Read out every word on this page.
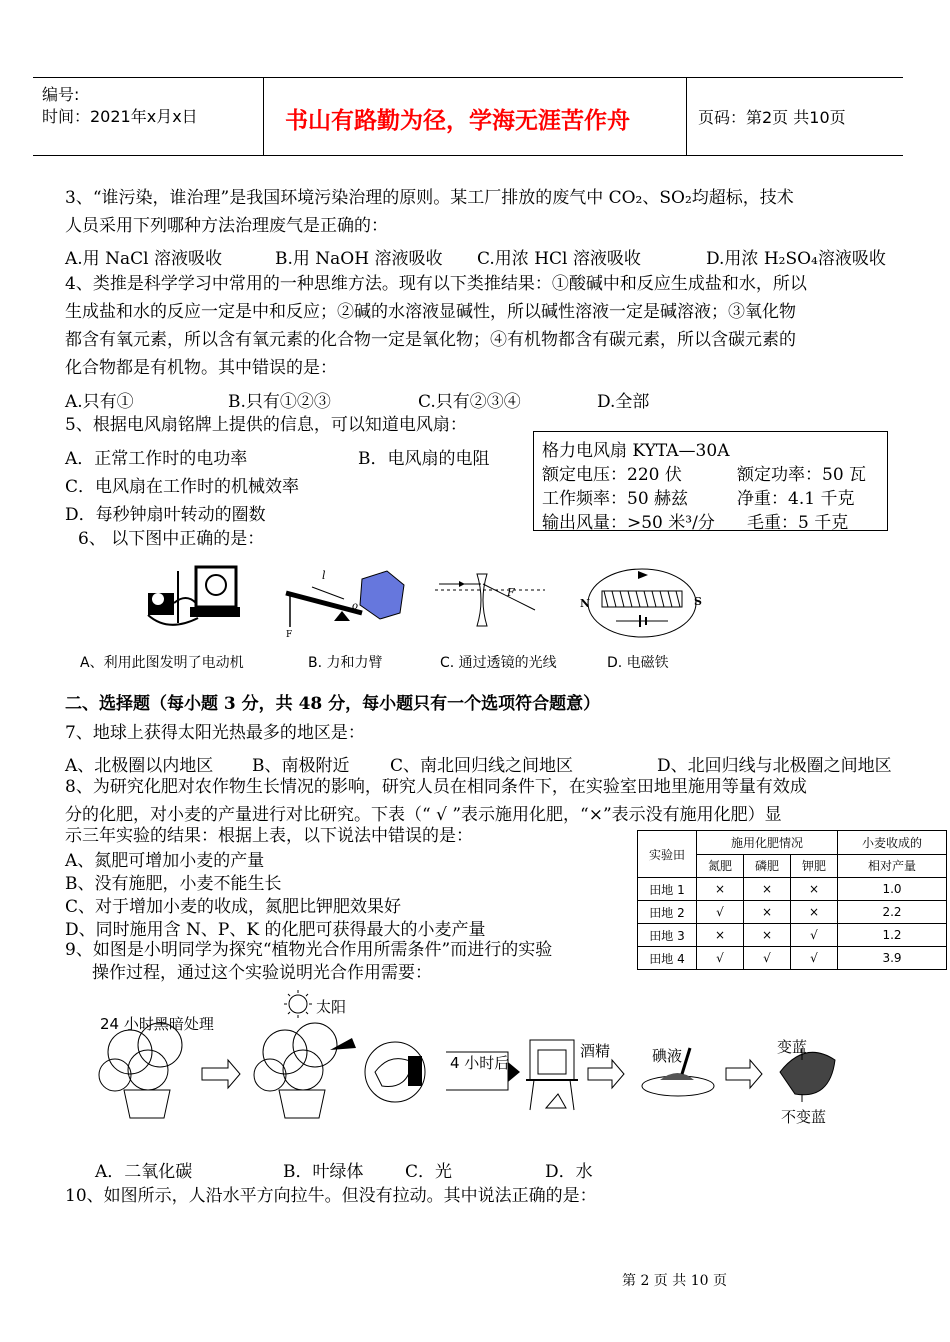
编号:
时间：2021年x月x日	书山有路勤为径，学海无涯苦作舟	页码：第2页 共10页
3、“谁污染，谁治理”是我国环境污染治理的原则。某工厂排放的废气中 CO₂、SO₂均超标，技术
人员采用下列哪种方法治理废气是正确的：
A.用 NaCl 溶液吸收	B.用 NaOH 溶液吸收 C.用浓 HCl 溶液吸收	D.用浓 H₂SO₄溶液吸收
4、类推是科学学习中常用的一种思维方法。现有以下类推结果：①酸碱中和反应生成盐和水，所以
生成盐和水的反应一定是中和反应；②碱的水溶液显碱性，所以碱性溶液一定是碱溶液；③氧化物
都含有氧元素，所以含有氧元素的化合物一定是氧化物；④有机物都含有碳元素，所以含碳元素的
化合物都是有机物。其中错误的是：
A.只有①	B.只有①②③	C.只有②③④	D.全部
5、根据电风扇铭牌上提供的信息，可以知道电风扇：
A．正常工作时的电功率	B．电风扇的电阻
C．电风扇在工作时的机械效率
D．每秒钟扇叶转动的圈数
格力电风扇 KYTA—30A
额定电压：220 伏	额定功率：50 瓦
工作频率：50 赫兹	净重：4.1 千克
输出风量：>50 米³/分 毛重：5 千克
6、 以下图中正确的是：
l
F
o
F
N	S
A、利用此图发明了电动机	B. 力和力臂	C. 通过透镜的光线	D. 电磁铁
二、选择题（每小题 3 分，共 48 分，每小题只有一个选项符合题意）
7、地球上获得太阳光热最多的地区是：
A、北极圈以内地区 B、南极附近 C、南北回归线之间地区	D、北回归线与北极圈之间地区
8、为研究化肥对农作物生长情况的影响，研究人员在相同条件下，在实验室田地里施用等量有效成
分的化肥，对小麦的产量进行对比研究。下表（“ √ ”表示施用化肥，“×”表示没有施用化肥）显
示三年实验的结果：根据上表，以下说法中错误的是：
A、氮肥可增加小麦的产量
B、没有施肥，小麦不能生长
C、对于增加小麦的收成，氮肥比钾肥效果好
D、同时施用含 N、P、K 的化肥可获得最大的小麦产量
实验田	施用化肥情况			小麦收成的
	氮肥	磷肥	钾肥	相对产量
田地 1	×	×	×	1.0
田地 2	√	×	×	2.2
田地 3	×	×	√	1.2
田地 4	√	√	√	3.9
9、如图是小明同学为探究“植物光合作用所需条件”而进行的实验
操作过程，通过这个实验说明光合作用需要：
24 小时黑暗处理
太阳
4 小时后
酒精	碘液	变蓝
不变蓝
A．二氧化碳	B．叶绿体 C．光	D．水
10、如图所示，人沿水平方向拉牛。但没有拉动。其中说法正确的是：
第 2 页 共 10 页
